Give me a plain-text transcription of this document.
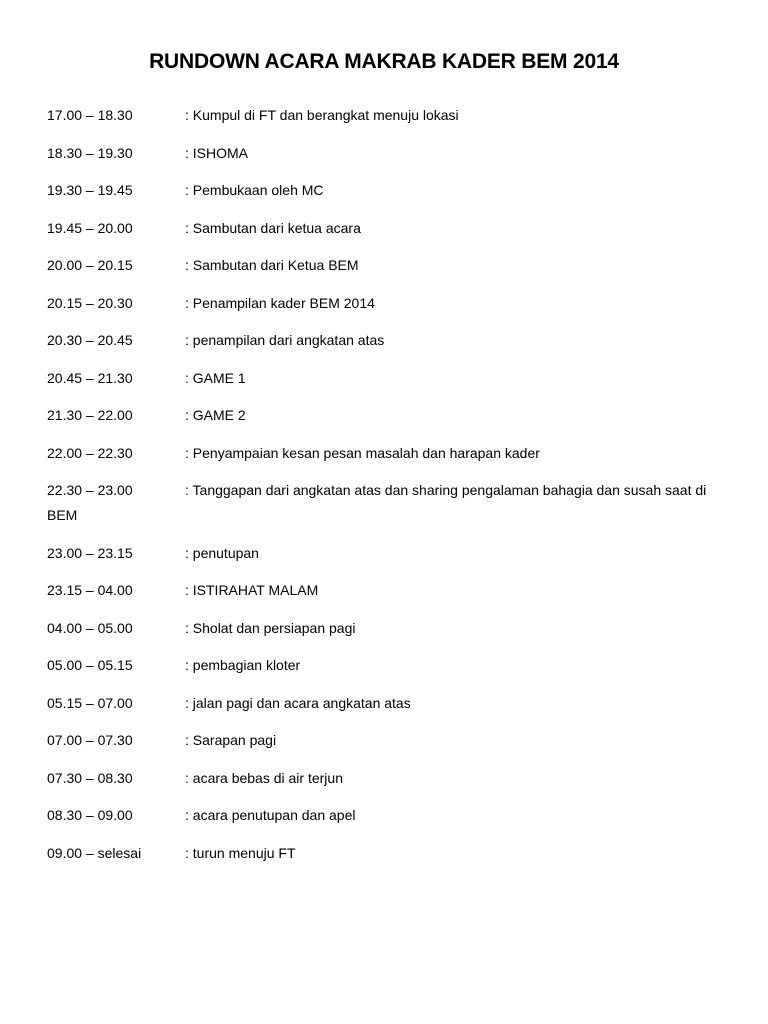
RUNDOWN ACARA MAKRAB KADER BEM 2014
17.00 – 18.30	: Kumpul di FT dan berangkat menuju lokasi
18.30 – 19.30	: ISHOMA
19.30 – 19.45	: Pembukaan oleh MC
19.45 – 20.00	: Sambutan dari ketua acara
20.00 – 20.15	: Sambutan dari Ketua BEM
20.15 – 20.30	: Penampilan kader BEM 2014
20.30 – 20.45	: penampilan dari angkatan atas
20.45 – 21.30	: GAME 1
21.30 – 22.00	: GAME 2
22.00 – 22.30	: Penyampaian kesan pesan masalah dan harapan kader
22.30 – 23.00	: Tanggapan dari angkatan atas dan sharing pengalaman bahagia dan susah saat di BEM
23.00 – 23.15	: penutupan
23.15 – 04.00	: ISTIRAHAT MALAM
04.00 – 05.00	: Sholat dan persiapan pagi
05.00 – 05.15	: pembagian kloter
05.15 – 07.00	: jalan pagi dan acara angkatan atas
07.00 – 07.30	: Sarapan pagi
07.30 – 08.30	: acara bebas di air terjun
08.30 – 09.00	: acara penutupan dan apel
09.00 – selesai	: turun menuju FT
